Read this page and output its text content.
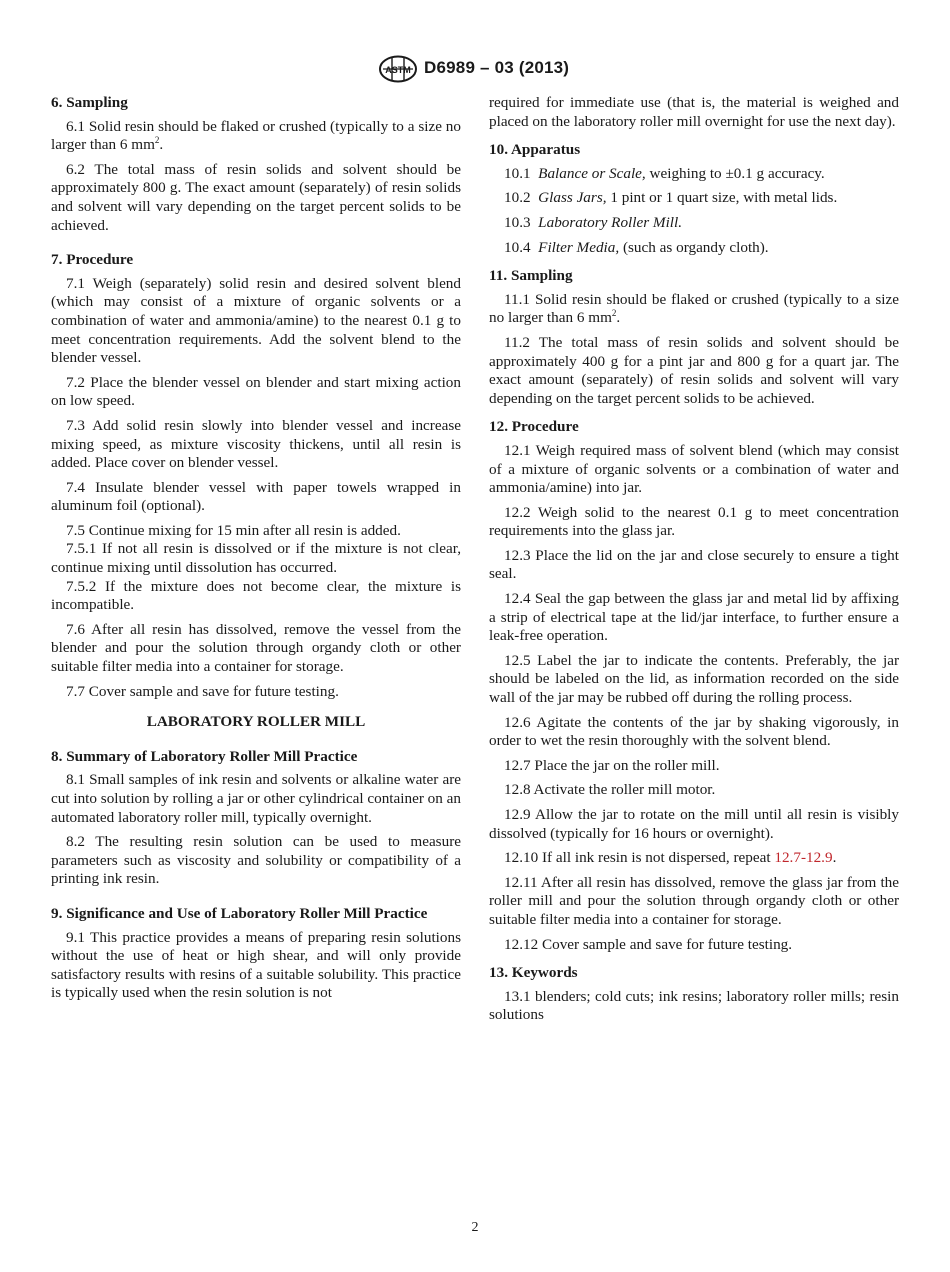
ASTM D6989 – 03 (2013)
6. Sampling
6.1 Solid resin should be flaked or crushed (typically to a size no larger than 6 $mm^2$.
6.2 The total mass of resin solids and solvent should be approximately 800 g. The exact amount (separately) of resin solids and solvent will vary depending on the target percent solids to be achieved.
7. Procedure
7.1 Weigh (separately) solid resin and desired solvent blend (which may consist of a mixture of organic solvents or a combination of water and ammonia/amine) to the nearest 0.1 g to meet concentration requirements. Add the solvent blend to the blender vessel.
7.2 Place the blender vessel on blender and start mixing action on low speed.
7.3 Add solid resin slowly into blender vessel and increase mixing speed, as mixture viscosity thickens, until all resin is added. Place cover on blender vessel.
7.4 Insulate blender vessel with paper towels wrapped in aluminum foil (optional).
7.5 Continue mixing for 15 min after all resin is added.
7.5.1 If not all resin is dissolved or if the mixture is not clear, continue mixing until dissolution has occurred.
7.5.2 If the mixture does not become clear, the mixture is incompatible.
7.6 After all resin has dissolved, remove the vessel from the blender and pour the solution through organdy cloth or other suitable filter media into a container for storage.
7.7 Cover sample and save for future testing.
LABORATORY ROLLER MILL
8. Summary of Laboratory Roller Mill Practice
8.1 Small samples of ink resin and solvents or alkaline water are cut into solution by rolling a jar or other cylindrical container on an automated laboratory roller mill, typically overnight.
8.2 The resulting resin solution can be used to measure parameters such as viscosity and solubility or compatibility of a printing ink resin.
9. Significance and Use of Laboratory Roller Mill Practice
9.1 This practice provides a means of preparing resin solutions without the use of heat or high shear, and will only provide satisfactory results with resins of a suitable solubility. This practice is typically used when the resin solution is not
required for immediate use (that is, the material is weighed and placed on the laboratory roller mill overnight for use the next day).
10. Apparatus
10.1 Balance or Scale, weighing to ±0.1 g accuracy.
10.2 Glass Jars, 1 pint or 1 quart size, with metal lids.
10.3 Laboratory Roller Mill.
10.4 Filter Media, (such as organdy cloth).
11. Sampling
11.1 Solid resin should be flaked or crushed (typically to a size no larger than 6 $mm^2$.
11.2 The total mass of resin solids and solvent should be approximately 400 g for a pint jar and 800 g for a quart jar. The exact amount (separately) of resin solids and solvent will vary depending on the target percent solids to be achieved.
12. Procedure
12.1 Weigh required mass of solvent blend (which may consist of a mixture of organic solvents or a combination of water and ammonia/amine) into jar.
12.2 Weigh solid to the nearest 0.1 g to meet concentration requirements into the glass jar.
12.3 Place the lid on the jar and close securely to ensure a tight seal.
12.4 Seal the gap between the glass jar and metal lid by affixing a strip of electrical tape at the lid/jar interface, to further ensure a leak-free operation.
12.5 Label the jar to indicate the contents. Preferably, the jar should be labeled on the lid, as information recorded on the side wall of the jar may be rubbed off during the rolling process.
12.6 Agitate the contents of the jar by shaking vigorously, in order to wet the resin thoroughly with the solvent blend.
12.7 Place the jar on the roller mill.
12.8 Activate the roller mill motor.
12.9 Allow the jar to rotate on the mill until all resin is visibly dissolved (typically for 16 hours or overnight).
12.10 If all ink resin is not dispersed, repeat 12.7-12.9.
12.11 After all resin has dissolved, remove the glass jar from the roller mill and pour the solution through organdy cloth or other suitable filter media into a container for storage.
12.12 Cover sample and save for future testing.
13. Keywords
13.1 blenders; cold cuts; ink resins; laboratory roller mills; resin solutions
2
